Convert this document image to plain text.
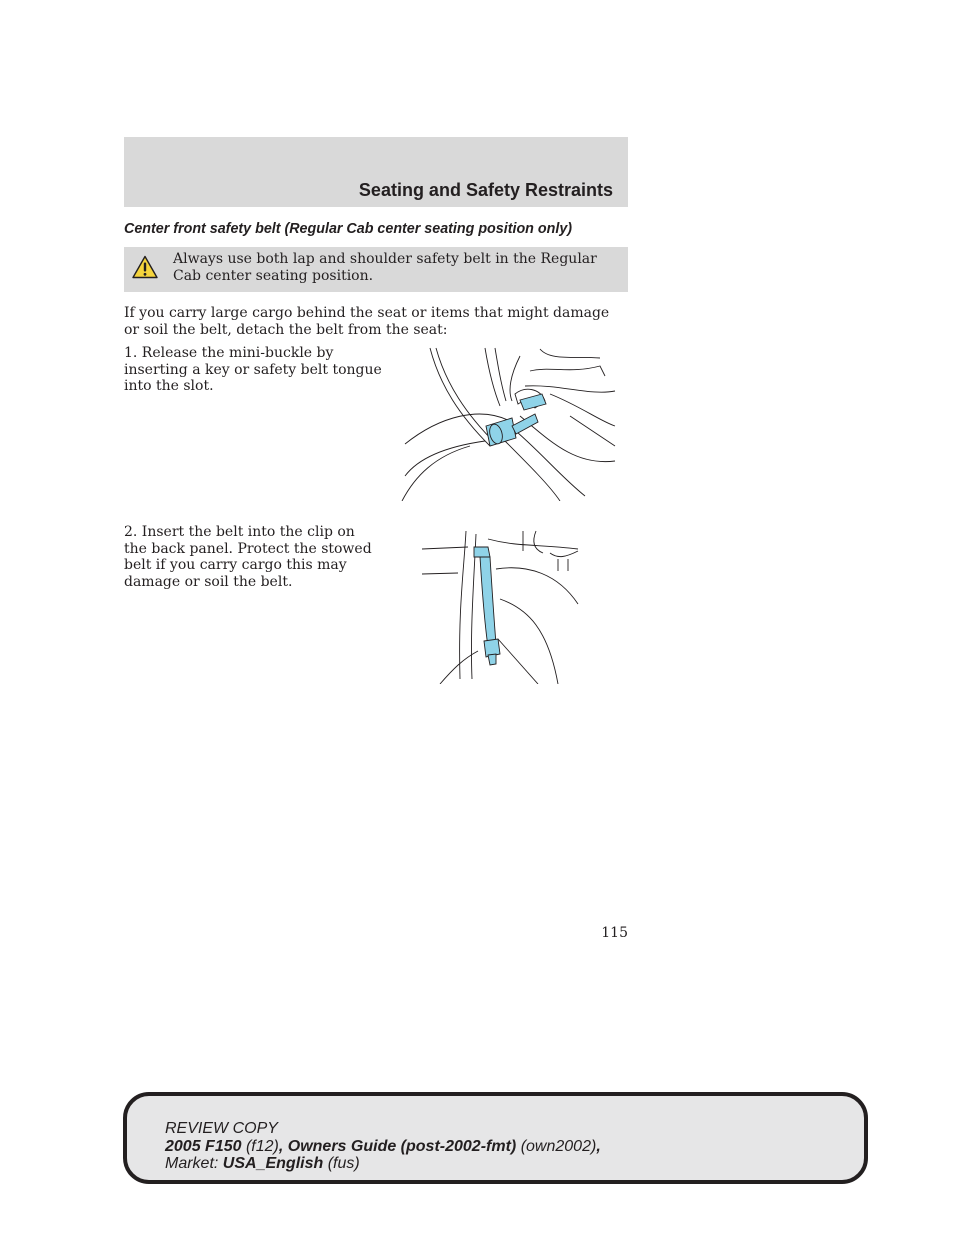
Seating and Safety Restraints
Center front safety belt (Regular Cab center seating position only)
Always use both lap and shoulder safety belt in the Regular Cab center seating position.
If you carry large cargo behind the seat or items that might damage or soil the belt, detach the belt from the seat:
1. Release the mini-buckle by inserting a key or safety belt tongue into the slot.
2. Insert the belt into the clip on the back panel. Protect the stowed belt if you carry cargo this may damage or soil the belt.
115
REVIEW COPY
2005 F150 (f12), Owners Guide (post-2002-fmt) (own2002),
Market: USA_English (fus)
